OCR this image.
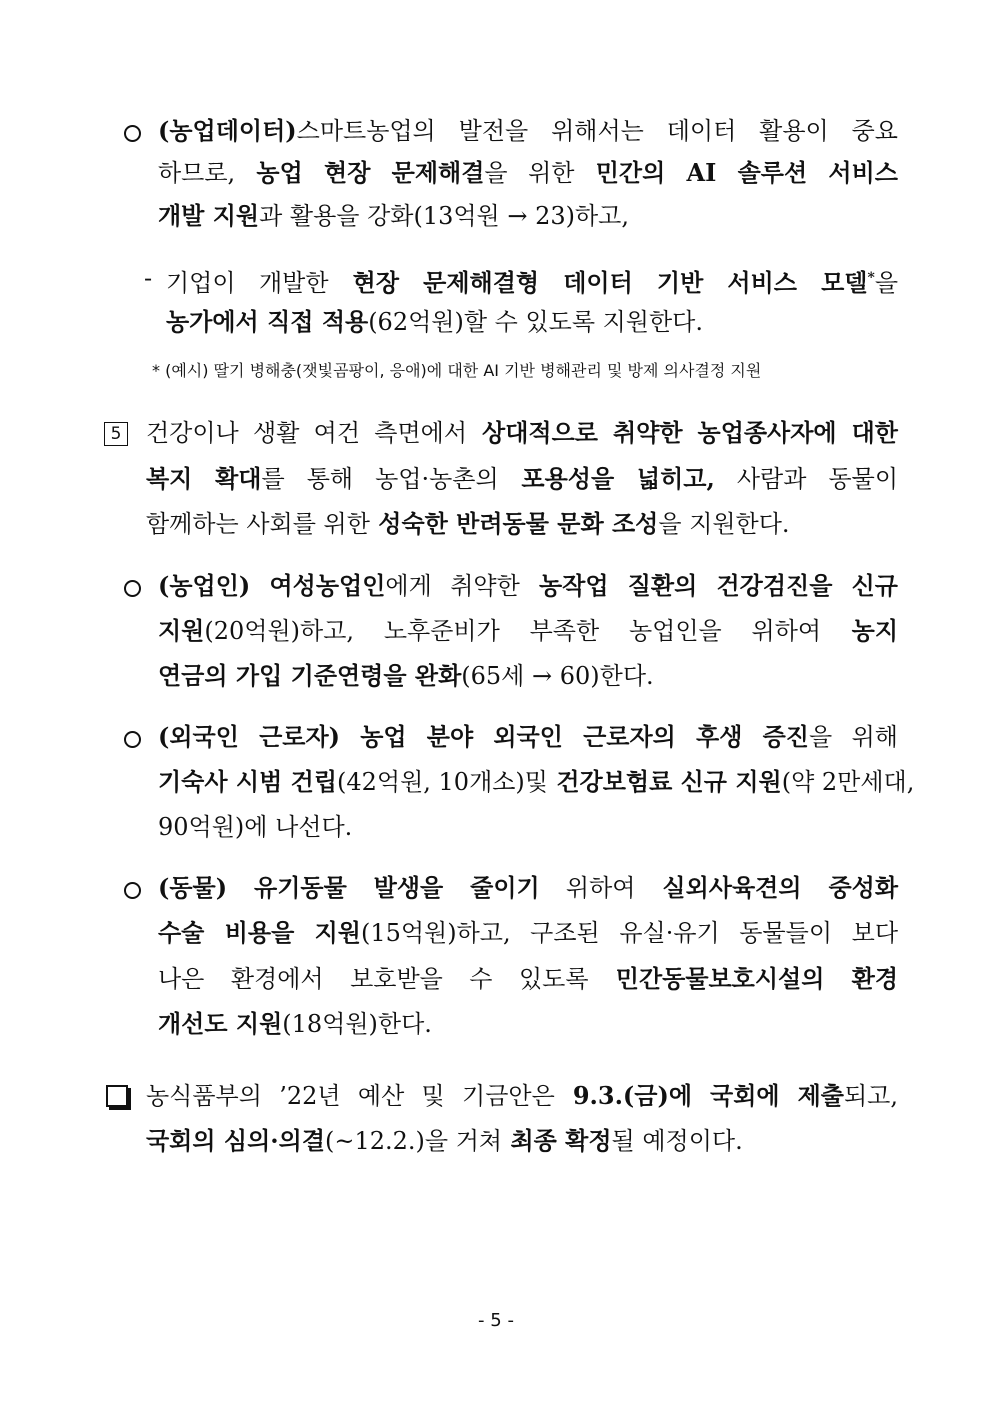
(농업데이터) 스마트농업의 발전을 위해서는 데이터 활용이 중요
하므로, 농업 현장 문제해결을 위한 민간의 AI 솔루션 서비스
개발 지원과 활용을 강화(13억원 → 23)하고,
- 기업이 개발한 현장 문제해결형 데이터 기반 서비스 모델*을
농가에서 직접 적용(62억원)할 수 있도록 지원한다.
* (예시) 딸기 병해충(잿빛곰팡이, 응애)에 대한 AI 기반 병해관리 및 방제 의사결정 지원
5 건강이나 생활 여건 측면에서 상대적으로 취약한 농업종사자에 대한
복지 확대를 통해 농업·농촌의 포용성을 넓히고, 사람과 동물이
함께하는 사회를 위한 성숙한 반려동물 문화 조성을 지원한다.
(농업인) 여성농업인에게 취약한 농작업 질환의 건강검진을 신규
지원(20억원)하고, 노후준비가 부족한 농업인을 위하여 농지
연금의 가입 기준연령을 완화(65세 → 60)한다.
(외국인 근로자) 농업 분야 외국인 근로자의 후생 증진을 위해
기숙사 시범 건립(42억원, 10개소)및 건강보험료 신규 지원(약 2만세대,
90억원)에 나선다.
(동물) 유기동물 발생을 줄이기 위하여 실외사육견의 중성화
수술 비용을 지원(15억원)하고, 구조된 유실·유기 동물들이 보다
나은 환경에서 보호받을 수 있도록 민간동물보호시설의 환경
개선도 지원(18억원)한다.
농식품부의 ’22년 예산 및 기금안은 9.3.(금)에 국회에 제출되고,
국회의 심의·의결(~12.2.)을 거쳐 최종 확정될 예정이다.
- 5 -
